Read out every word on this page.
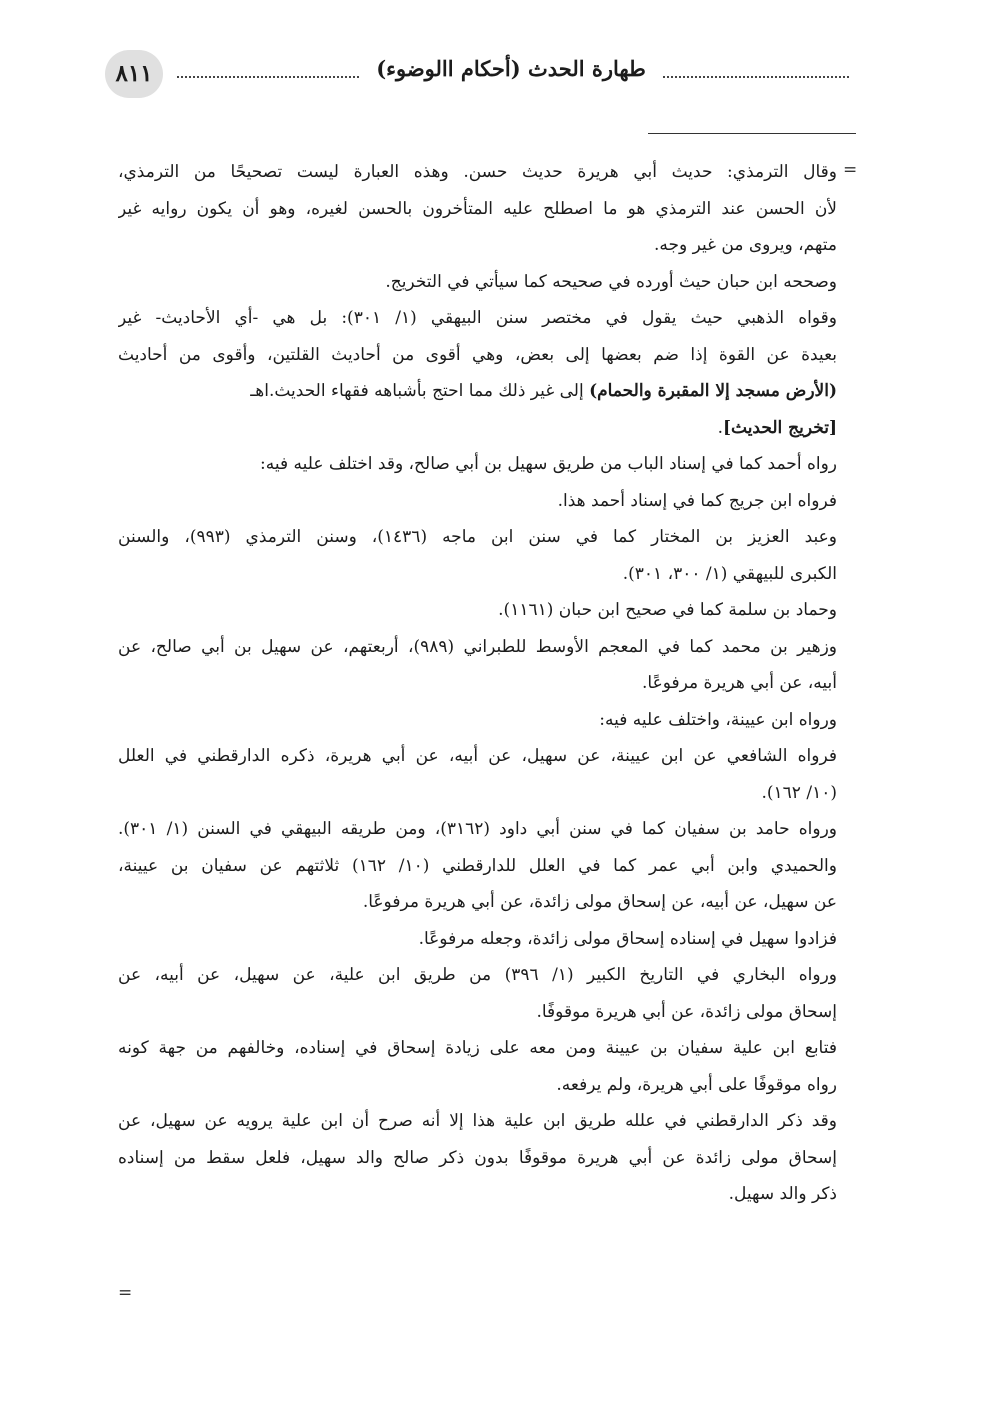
٨١١	طهارة الحدث (أحكام االوضوء)
=

وقال الترمذي: حديث أبي هريرة حديث حسن. وهذه العبارة ليست تصحيحًا من الترمذي،

لأن الحسن عند الترمذي هو ما اصطلح عليه المتأخرون بالحسن لغيره، وهو أن يكون روايه غير

متهم، ويروى من غير وجه.

وصححه ابن حبان حيث أورده في صحيحه كما سيأتي في التخريج.

وقواه الذهبي حيث يقول في مختصر سنن البيهقي (١/ ٣٠١): بل هي -أي الأحاديث- غير

بعيدة عن القوة إذا ضم بعضها إلى بعض، وهي أقوى من أحاديث القلتين، وأقوى من أحاديث

(الأرض مسجد إلا المقبرة والحمام) إلى غير ذلك مما احتج بأشباهه فقهاء الحديث.اهـ

[تخريج الحديث].

رواه أحمد كما في إسناد الباب من طريق سهيل بن أبي صالح، وقد اختلف عليه فيه:

فرواه ابن جريج كما في إسناد أحمد هذا.

وعبد العزيز بن المختار كما في سنن ابن ماجه (١٤٣٦)، وسنن الترمذي (٩٩٣)، والسنن

الكبرى للبيهقي (١/ ٣٠٠، ٣٠١).

وحماد بن سلمة كما في صحيح ابن حبان (١١٦١).

وزهير بن محمد كما في المعجم الأوسط للطبراني (٩٨٩)، أربعتهم، عن سهيل بن أبي صالح، عن

أبيه، عن أبي هريرة مرفوعًا.

ورواه ابن عيينة، واختلف عليه فيه:

فرواه الشافعي عن ابن عيينة، عن سهيل، عن أبيه، عن أبي هريرة، ذكره الدارقطني في العلل

(١٠/ ١٦٢).

ورواه حامد بن سفيان كما في سنن أبي داود (٣١٦٢)، ومن طريقه البيهقي في السنن (١/ ٣٠١).

والحميدي وابن أبي عمر كما في العلل للدارقطني (١٠/ ١٦٢) ثلاثتهم عن سفيان بن عيينة،

عن سهيل، عن أبيه، عن إسحاق مولى زائدة، عن أبي هريرة مرفوعًا.

فزادوا سهيل في إسناده إسحاق مولى زائدة، وجعله مرفوعًا.

ورواه البخاري في التاريخ الكبير (١/ ٣٩٦) من طريق ابن علية، عن سهيل، عن أبيه، عن

إسحاق مولى زائدة، عن أبي هريرة موقوفًا.

فتابع ابن علية سفيان بن عيينة ومن معه على زيادة إسحاق في إسناده، وخالفهم من جهة كونه

رواه موقوفًا على أبي هريرة، ولم يرفعه.

وقد ذكر الدارقطني في علله طريق ابن علية هذا إلا أنه صرح أن ابن علية يرويه عن سهيل، عن

إسحاق مولى زائدة عن أبي هريرة موقوفًا بدون ذكر صالح والد سهيل، فلعل سقط من إسناده

ذكر والد سهيل.

=
